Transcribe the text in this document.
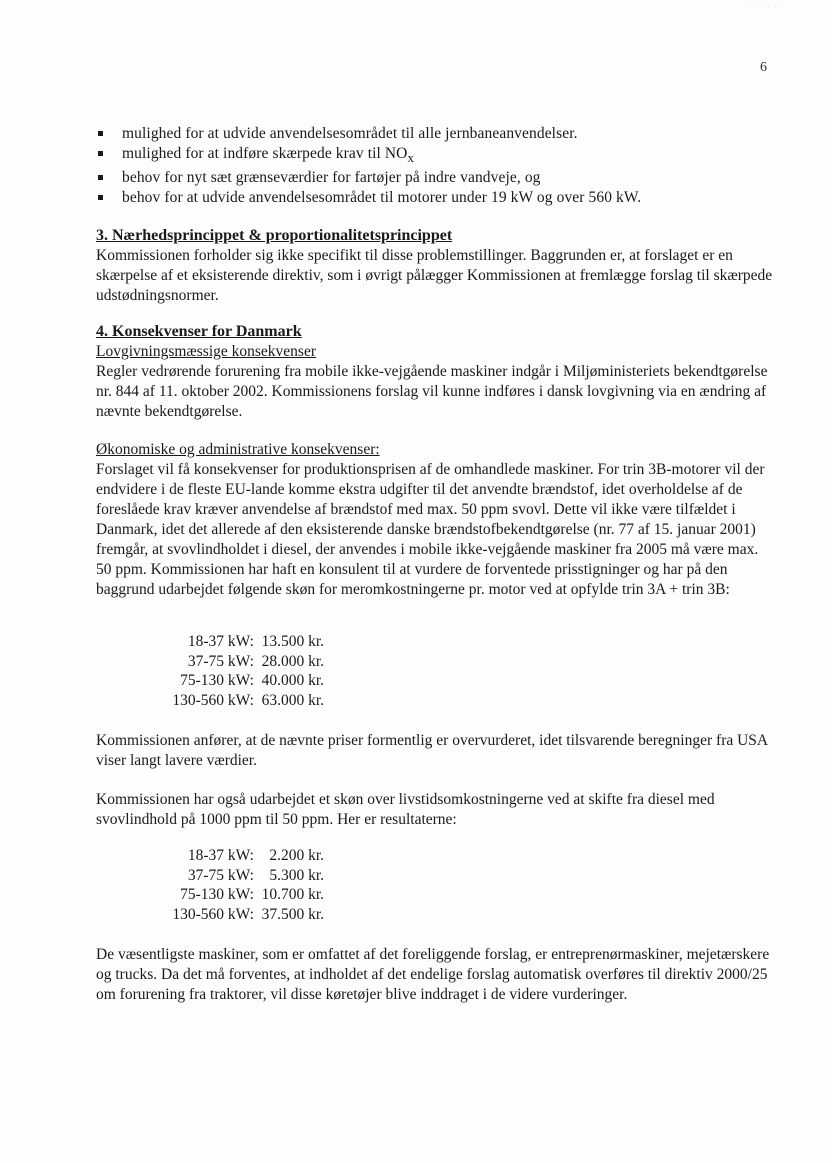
· · · · · ·
6
mulighed for at udvide anvendelsesområdet til alle jernbaneanvendelser.
mulighed for at indføre skærpede krav til $NO_x$
behov for nyt sæt grænseværdier for fartøjer på indre vandveje, og
behov for at udvide anvendelsesområdet til motorer under 19 kW og over 560 kW.
3. Nærhedsprincippet & proportionalitetsprincippet
Kommissionen forholder sig ikke specifikt til disse problemstillinger. Baggrunden er, at forslaget er en skærpelse af et eksisterende direktiv, som i øvrigt pålægger Kommissionen at fremlægge forslag til skærpede udstødningsnormer.
4. Konsekvenser for Danmark
Lovgivningsmæssige konsekvenser
Regler vedrørende forurening fra mobile ikke-vejgående maskiner indgår i Miljøministeriets bekendtgørelse nr. 844 af 11. oktober 2002. Kommissionens forslag vil kunne indføres i dansk lovgivning via en ændring af nævnte bekendtgørelse.
Økonomiske og administrative konsekvenser:
Forslaget vil få konsekvenser for produktionsprisen af de omhandlede maskiner. For trin 3B-motorer vil der endvidere i de fleste EU-lande komme ekstra udgifter til det anvendte brændstof, idet overholdelse af de foreslåede krav kræver anvendelse af brændstof med max. 50 ppm svovl. Dette vil ikke være tilfældet i Danmark, idet det allerede af den eksisterende danske brændstofbekendtgørelse (nr. 77 af 15. januar 2001) fremgår, at svovlindholdet i diesel, der anvendes i mobile ikke-vejgående maskiner fra 2005 må være max. 50 ppm. Kommissionen har haft en konsulent til at vurdere de forventede prisstigninger og har på den baggrund udarbejdet følgende skøn for meromkostningerne pr. motor ved at opfylde trin 3A + trin 3B:
18-37 kW: 13.500 kr.
37-75 kW: 28.000 kr.
75-130 kW: 40.000 kr.
130-560 kW: 63.000 kr.
Kommissionen anfører, at de nævnte priser formentlig er overvurderet, idet tilsvarende beregninger fra USA viser langt lavere værdier.
Kommissionen har også udarbejdet et skøn over livstidsomkostningerne ved at skifte fra diesel med svovlindhold på 1000 ppm til 50 ppm. Her er resultaterne:
18-37 kW: 2.200 kr.
37-75 kW: 5.300 kr.
75-130 kW: 10.700 kr.
130-560 kW: 37.500 kr.
De væsentligste maskiner, som er omfattet af det foreliggende forslag, er entreprenørmaskiner, mejetærskere og trucks. Da det må forventes, at indholdet af det endelige forslag automatisk overføres til direktiv 2000/25 om forurening fra traktorer, vil disse køretøjer blive inddraget i de videre vurderinger.
